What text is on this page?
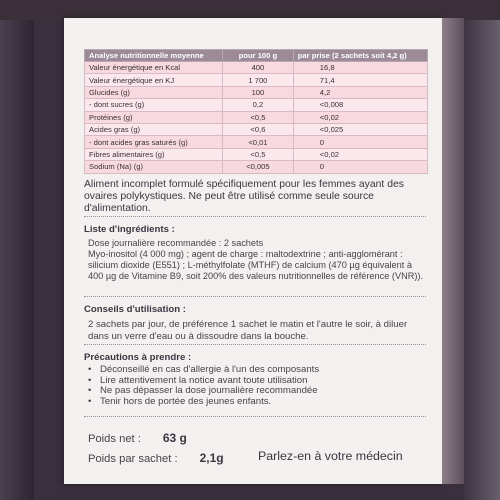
Analyse nutritionnelle moyenne	pour 100 g	par prise (2 sachets soit 4,2 g)
Valeur énergétique en Kcal	400	16,8
Valeur énergétique en KJ	1 700	71,4
Glucides (g)	100	4,2
- dont sucres (g)	0,2	<0,008
Protéines (g)	<0,5	<0,02
Acides gras (g)	<0,6	<0,025
- dont acides gras saturés (g)	<0,01	0
Fibres alimentaires (g)	<0,5	<0,02
Sodium (Na) (g)	<0,005	0
Aliment incomplet formulé spécifiquement pour les femmes ayant des ovaires polykystiques. Ne peut être utilisé comme seule source d'alimentation.
Liste d'ingrédients :
Dose journalière recommandée : 2 sachets
Myo-inositol (4 000 mg) ; agent de charge : maltodextrine ; anti-agglomérant : silicium dioxide (E551) ; L-méthylfolate (MTHF) de calcium (470 µg équivalent à 400 µg de Vitamine B9, soit 200% des valeurs nutritionnelles de référence (VNR)).
Conseils d'utilisation :
2 sachets par jour, de préférence 1 sachet le matin et l'autre le soir, à diluer dans un verre d'eau ou à dissoudre dans la bouche.
Précautions à prendre :
• Déconseillé en cas d'allergie à l'un des composants
• Lire attentivement la notice avant toute utilisation
• Ne pas dépasser la dose journalière recommandée
• Tenir hors de portée des jeunes enfants.
Poids net : 63 g
Poids par sachet : 2,1g	Parlez-en à votre médecin
